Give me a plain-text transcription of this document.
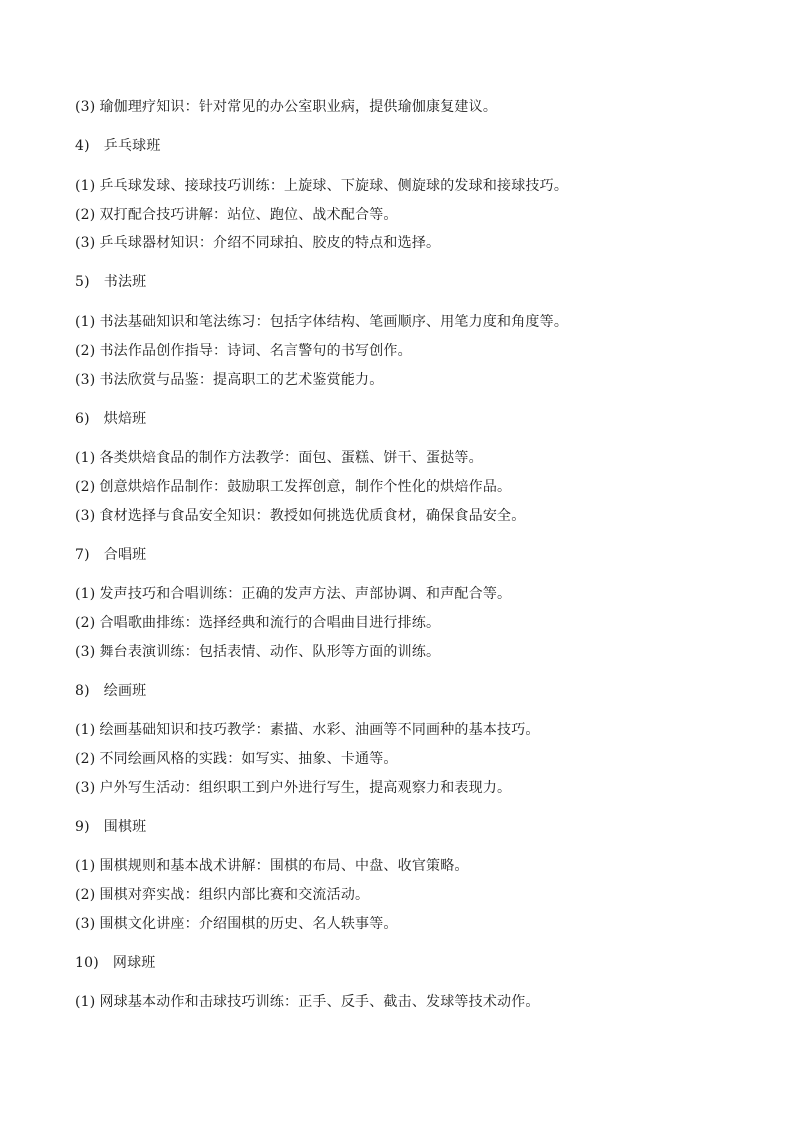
(3) 瑜伽理疗知识：针对常见的办公室职业病，提供瑜伽康复建议。
4) 乒乓球班
(1) 乒乓球发球、接球技巧训练：上旋球、下旋球、侧旋球的发球和接球技巧。
(2) 双打配合技巧讲解：站位、跑位、战术配合等。
(3) 乒乓球器材知识：介绍不同球拍、胶皮的特点和选择。
5) 书法班
(1) 书法基础知识和笔法练习：包括字体结构、笔画顺序、用笔力度和角度等。
(2) 书法作品创作指导：诗词、名言警句的书写创作。
(3) 书法欣赏与品鉴：提高职工的艺术鉴赏能力。
6) 烘焙班
(1) 各类烘焙食品的制作方法教学：面包、蛋糕、饼干、蛋挞等。
(2) 创意烘焙作品制作：鼓励职工发挥创意，制作个性化的烘焙作品。
(3) 食材选择与食品安全知识：教授如何挑选优质食材，确保食品安全。
7) 合唱班
(1) 发声技巧和合唱训练：正确的发声方法、声部协调、和声配合等。
(2) 合唱歌曲排练：选择经典和流行的合唱曲目进行排练。
(3) 舞台表演训练：包括表情、动作、队形等方面的训练。
8) 绘画班
(1) 绘画基础知识和技巧教学：素描、水彩、油画等不同画种的基本技巧。
(2) 不同绘画风格的实践：如写实、抽象、卡通等。
(3) 户外写生活动：组织职工到户外进行写生，提高观察力和表现力。
9) 围棋班
(1) 围棋规则和基本战术讲解：围棋的布局、中盘、收官策略。
(2) 围棋对弈实战：组织内部比赛和交流活动。
(3) 围棋文化讲座：介绍围棋的历史、名人轶事等。
10) 网球班
(1) 网球基本动作和击球技巧训练：正手、反手、截击、发球等技术动作。
